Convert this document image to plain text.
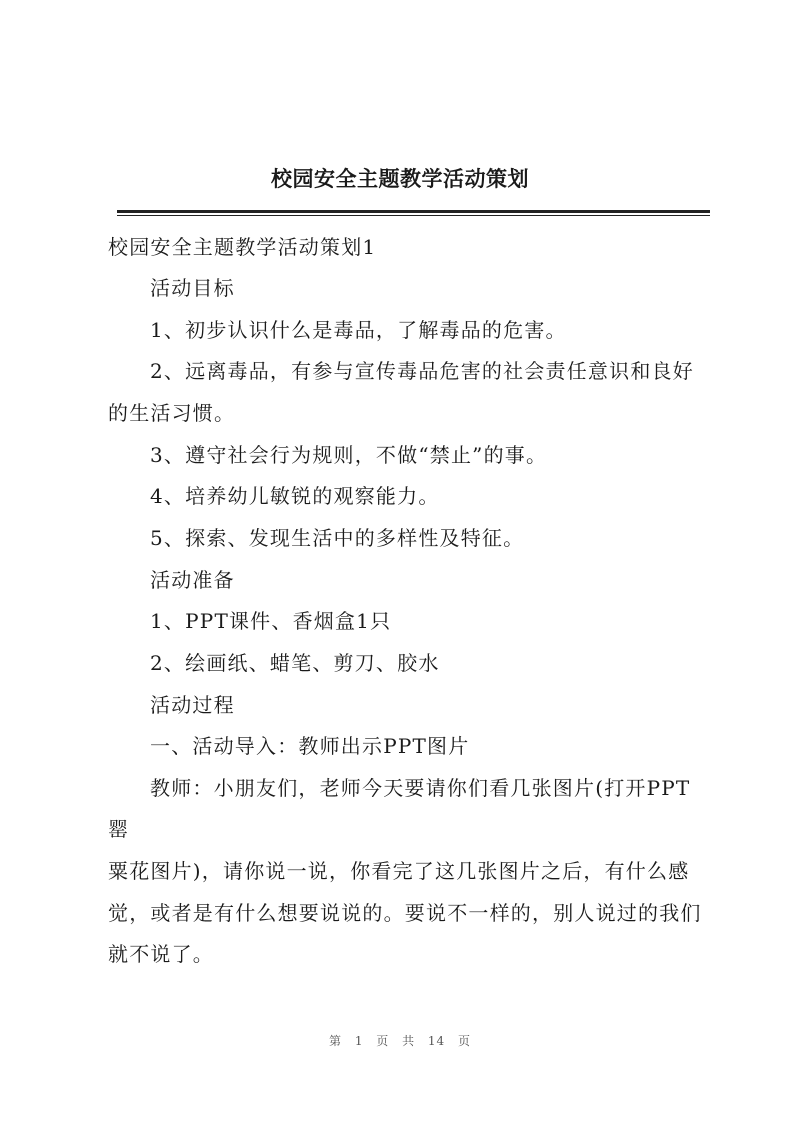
校园安全主题教学活动策划
校园安全主题教学活动策划1
活动目标
1、初步认识什么是毒品，了解毒品的危害。
2、远离毒品，有参与宣传毒品危害的社会责任意识和良好
的生活习惯。
3、遵守社会行为规则，不做“禁止”的事。
4、培养幼儿敏锐的观察能力。
5、探索、发现生活中的多样性及特征。
活动准备
1、PPT课件、香烟盒1只
2、绘画纸、蜡笔、剪刀、胶水
活动过程
一、活动导入：教师出示PPT图片
教师：小朋友们，老师今天要请你们看几张图片(打开PPT
罂
粟花图片)，请你说一说，你看完了这几张图片之后，有什么感
觉，或者是有什么想要说说的。要说不一样的，别人说过的我们
就不说了。
第 1 页 共 14 页
